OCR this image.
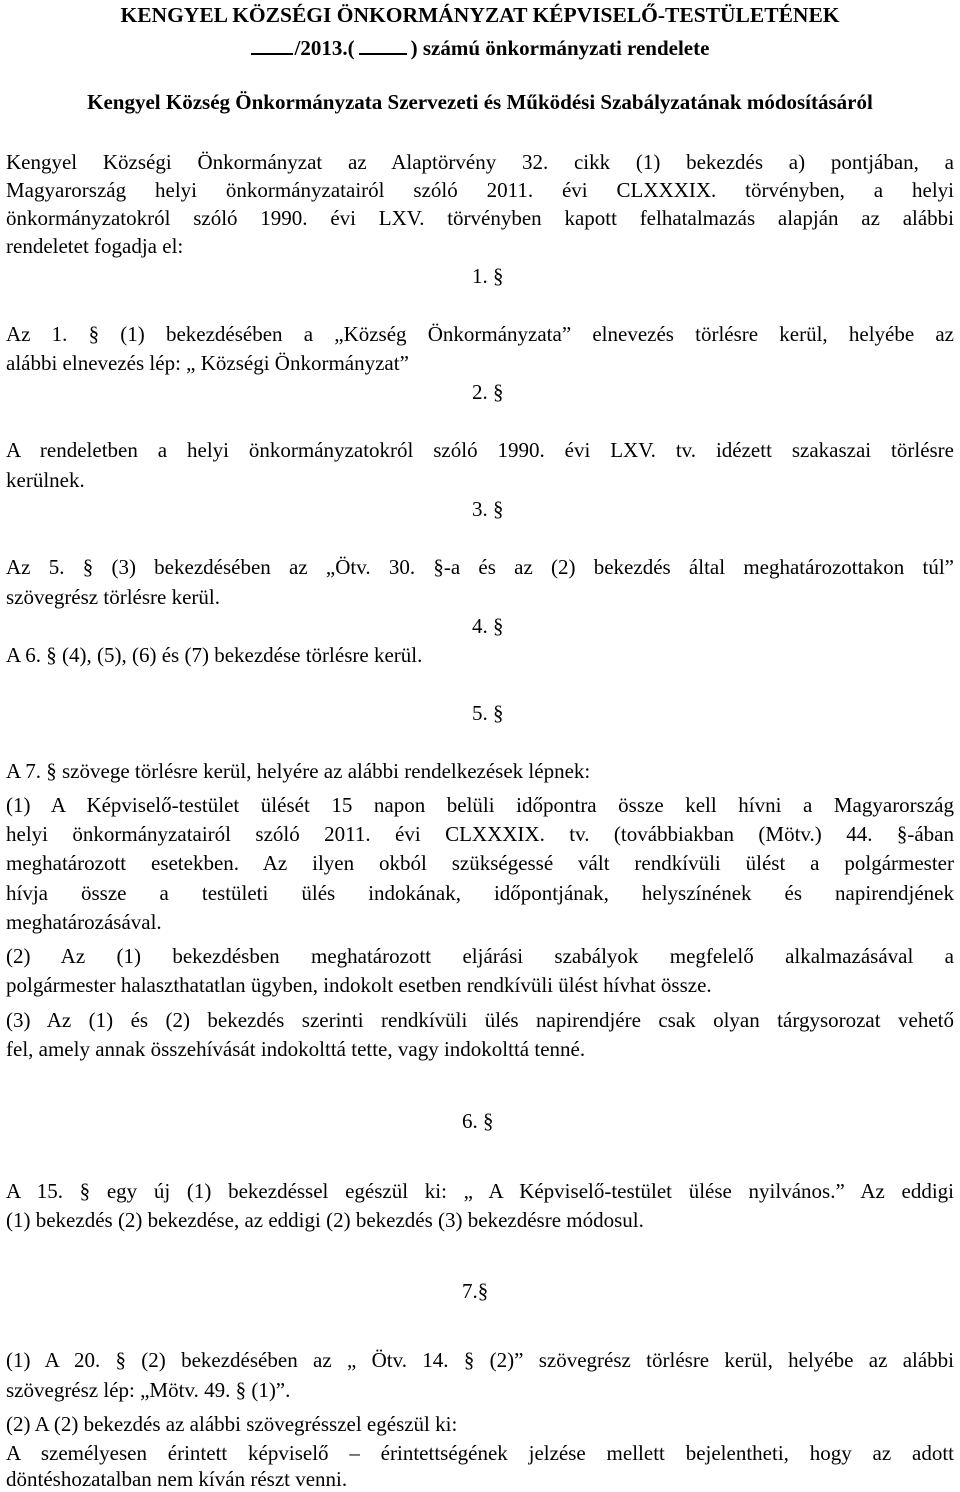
KENGYEL KÖZSÉGI ÖNKORMÁNYZAT KÉPVISELŐ-TESTÜLETÉNEK
/2013.(	) számú önkormányzati rendelete
Kengyel Község Önkormányzata Szervezeti és Működési Szabályzatának módosításáról
Kengyel Községi Önkormányzat az Alaptörvény 32. cikk (1) bekezdés a) pontjában, a
Magyarország helyi önkormányzatairól szóló 2011. évi CLXXXIX. törvényben, a helyi
önkormányzatokról szóló 1990. évi LXV. törvényben kapott felhatalmazás alapján az alábbi
rendeletet fogadja el:
1. §
Az 1. § (1) bekezdésében a „Község Önkormányzata” elnevezés törlésre kerül, helyébe az
alábbi elnevezés lép: „ Községi Önkormányzat”
2. §
A rendeletben a helyi önkormányzatokról szóló 1990. évi LXV. tv. idézett szakaszai törlésre
kerülnek.
3. §
Az 5. § (3) bekezdésében az „Ötv. 30. §-a és az (2) bekezdés által meghatározottakon túl”
szövegrész törlésre kerül.
4. §
A 6. § (4), (5), (6) és (7) bekezdése törlésre kerül.
5. §
A 7. § szövege törlésre kerül, helyére az alábbi rendelkezések lépnek:
(1) A Képviselő-testület ülését 15 napon belüli időpontra össze kell hívni a Magyarország
helyi önkormányzatairól szóló 2011. évi CLXXXIX. tv. (továbbiakban (Mötv.) 44. §-ában
meghatározott esetekben. Az ilyen okból szükségessé vált rendkívüli ülést a polgármester
hívja össze a testületi ülés indokának, időpontjának, helyszínének és napirendjének
meghatározásával.
(2) Az (1) bekezdésben meghatározott eljárási szabályok megfelelő alkalmazásával a
polgármester halaszthatatlan ügyben, indokolt esetben rendkívüli ülést hívhat össze.
(3) Az (1) és (2) bekezdés szerinti rendkívüli ülés napirendjére csak olyan tárgysorozat vehető
fel, amely annak összehívását indokolttá tette, vagy indokolttá tenné.
6. §
A 15. § egy új (1) bekezdéssel egészül ki: „ A Képviselő-testület ülése nyilvános.” Az eddigi
(1) bekezdés (2) bekezdése, az eddigi (2) bekezdés (3) bekezdésre módosul.
7.§
(1) A 20. § (2) bekezdésében az „ Ötv. 14. § (2)” szövegrész törlésre kerül, helyébe az alábbi
szövegrész lép: „Mötv. 49. § (1)”.
(2) A (2) bekezdés az alábbi szövegrésszel egészül ki:
A személyesen érintett képviselő – érintettségének jelzése mellett bejelentheti, hogy az adott
döntéshozatalban nem kíván részt venni.
